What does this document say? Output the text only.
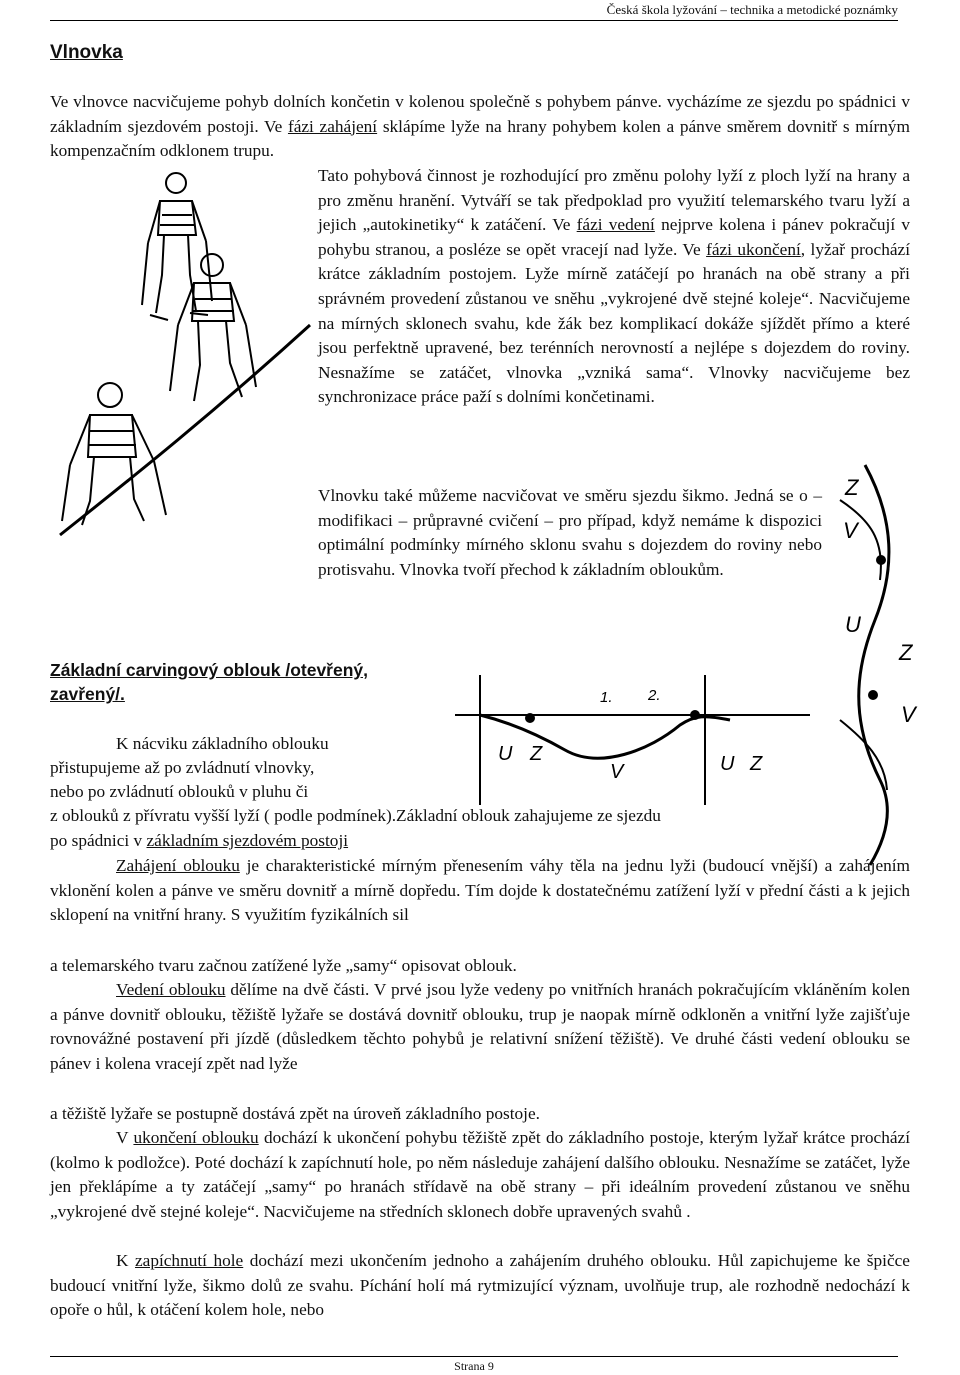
Česká škola lyžování – technika a metodické poznámky
Vlnovka

Ve vlnovce nacvičujeme pohyb dolních končetin v kolenou společně s pohybem pánve. vycházíme ze sjezdu po spádnici v základním sjezdovém postoji. Ve fázi zahájení sklápíme lyže na hrany pohybem kolen a pánve směrem dovnitř s mírným kompenzačním odklonem trupu.

Tato pohybová činnost je rozhodující pro změnu polohy lyží z ploch lyží na hrany a pro změnu hranění. Vytváří se tak předpoklad pro využití telemarského tvaru lyží a jejich „autokinetiky“ k zatáčení. Ve fázi vedení nejprve kolena i pánev pokračují v pohybu stranou, a posléze se opět vracejí nad lyže. Ve fázi ukončení, lyžař prochází krátce základním postojem. Lyže mírně zatáčejí po hranách na obě strany a při správném provedení zůstanou ve sněhu „vykrojené dvě stejné koleje“. Nacvičujeme na mírných sklonech svahu, kde žák bez komplikací dokáže sjíždět přímo a které jsou perfektně upravené, bez terénních nerovností a nejlépe s dojezdem do roviny. Nesnažíme se zatáčet, vlnovka „vzniká sama“. Vlnovky nacvičujeme bez synchronizace práce paží s dolními končetinami.

Vlnovku také můžeme nacvičovat ve směru sjezdu šikmo. Jedná se o –modifikaci – průpravné cvičení – pro případ, když nemáme k dispozici optimální podmínky mírného sklonu svahu s dojezdem do roviny nebo protisvahu. Vlnovka tvoří přechod k základním obloukům.

Z
V
U
Z
V
Základní carvingový oblouk /otevřený, zavřený/.	1. 2.
U Z
V	U Z
K nácviku základního oblouku
přistupujeme až po zvládnutí vlnovky,
nebo po zvládnutí oblouků v pluhu či
z oblouků z přívratu vyšší lyží ( podle podmínek).Základní oblouk zahajujeme ze sjezdu
po spádnici v základním sjezdovém postoji

Zahájení oblouku je charakteristické mírným přenesením váhy těla na jednu lyži (budoucí vnější) a zahájením vklonění kolen a pánve ve směru dovnitř a mírně dopředu. Tím dojde k dostatečnému zatížení lyží v přední části a k jejich sklopení na vnitřní hrany. S využitím fyzikálních sil

a telemarského tvaru začnou zatížené lyže „samy“ opisovat oblouk.

Vedení oblouku dělíme na dvě části. V prvé jsou lyže vedeny po vnitřních hranách pokračujícím vkláněním kolen a pánve dovnitř oblouku, těžiště lyžaře se dostává dovnitř oblouku, trup je naopak mírně odkloněn a vnitřní lyže zajišťuje rovnovážné postavení při jízdě (důsledkem těchto pohybů je relativní snížení těžiště). Ve druhé části vedení oblouku se pánev i kolena vracejí zpět nad lyže

a těžiště lyžaře se postupně dostává zpět na úroveň základního postoje.

V ukončení oblouku dochází k ukončení pohybu těžiště zpět do základního postoje, kterým lyžař krátce prochází (kolmo k podložce). Poté dochází k zapíchnutí hole, po něm následuje zahájení dalšího oblouku. Nesnažíme se zatáčet, lyže jen překlápíme a ty zatáčejí „samy“ po hranách střídavě na obě strany – při ideálním provedení zůstanou ve sněhu „vykrojené dvě stejné koleje“. Nacvičujeme na středních sklonech dobře upravených svahů .

K zapíchnutí hole dochází mezi ukončením jednoho a zahájením druhého oblouku. Hůl zapichujeme ke špičce budoucí vnitřní lyže, šikmo dolů ze svahu. Píchání holí má rytmizující význam, uvolňuje trup, ale rozhodně nedochází k opoře o hůl, k otáčení kolem hole, nebo

Strana 9
